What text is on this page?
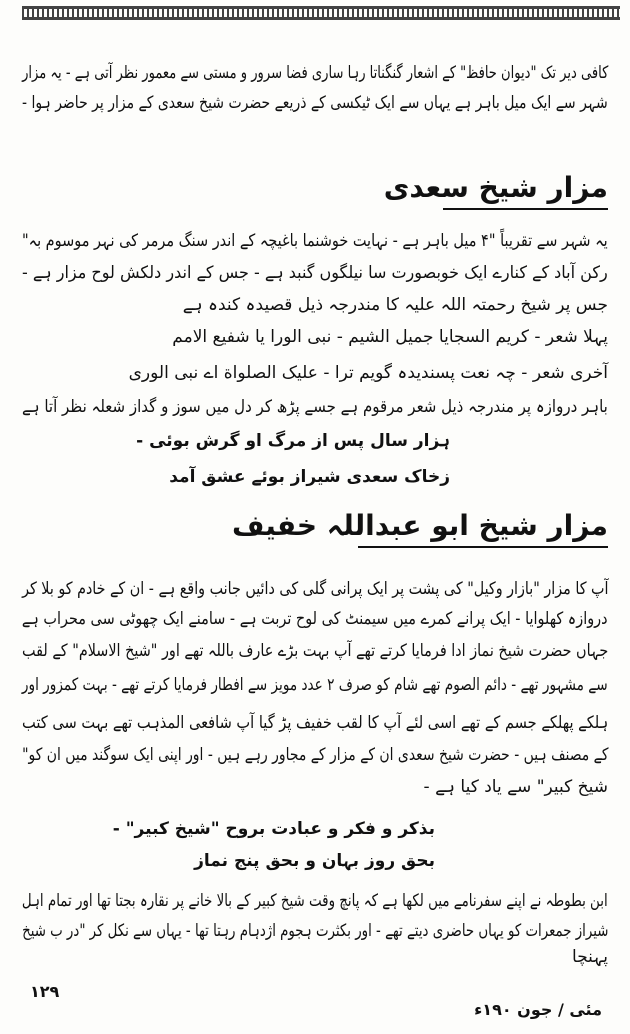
کافی دیر تک "دیوان حافظ" کے اشعار گنگناتا رہا ساری فضا سرور و مستی سے معمور نظر آتی ہے - یہ مزار
شہر سے ایک میل باہر ہے یہاں سے ایک ٹیکسی کے ذریعے حضرت شیخ سعدی کے مزار پر حاضر ہوا -
مزار شیخ سعدی
یہ شہر سے تقریباً "۴ میل باہر ہے - نہایت خوشنما باغیچہ کے اندر سنگ مرمر کی نہر موسوم بہ"
رکن آباد کے کنارے ایک خوبصورت سا نیلگوں گنبد ہے - جس کے اندر دلکش لوح مزار ہے -
جس پر شیخ رحمتہ اللہ علیہ کا مندرجہ ذیل قصیدہ کندہ ہے
پہلا شعر - کریم السجایا جمیل الشیم - نبی الورا یا شفیع الامم
آخری شعر - چہ نعت پسندیدہ گویم ترا - علیک الصلواة اے نبی الوری
باہر دروازہ پر مندرجہ ذیل شعر مرقوم ہے جسے پڑھ کر دل میں سوز و گداز شعلہ نظر آتا ہے
ہزار سال پس از مرگ او گرش بوئی -
زخاک سعدی شیراز بوئے عشق آمد
مزار شیخ ابو عبداللہ خفیف
آپ کا مزار "بازار وکیل" کی پشت پر ایک پرانی گلی کی دائیں جانب واقع ہے - ان کے خادم کو بلا کر
دروازہ کھلوایا - ایک پرانے کمرے میں سیمنٹ کی لوح تربت ہے - سامنے ایک چھوٹی سی محراب ہے
جہاں حضرت شیخ نماز ادا فرمایا کرتے تھے آپ بہت بڑے عارف باللہ تھے اور "شیخ الاسلام" کے لقب
سے مشہور تھے - دائم الصوم تھے شام کو صرف ۲ عدد مویز سے افطار فرمایا کرتے تھے - بہت کمزور اور
ہلکے پھلکے جسم کے تھے اسی لئے آپ کا لقب خفیف پڑ گیا آپ شافعی المذہب تھے بہت سی کتب
کے مصنف ہیں - حضرت شیخ سعدی ان کے مزار کے مجاور رہے ہیں - اور اپنی ایک سوگند میں ان کو"
شیخ کبیر" سے یاد کیا ہے -
بذکر و فکر و عبادت بروح "شیخ کبیر" -
بحق روز بہان و بحق پنج نماز
ابن بطوطہ نے اپنے سفرنامے میں لکھا ہے کہ پانچ وقت شیخ کبیر کے بالا خانے پر نقارہ بجتا تھا اور تمام اہل
شیراز جمعرات کو یہاں حاضری دیتے تھے - اور بکثرت ہجوم اژدہام رہتا تھا - یہاں سے نکل کر "در ب شیخ
پہنچا
۱۲۹
مئی / جون ۱۹۰ء
